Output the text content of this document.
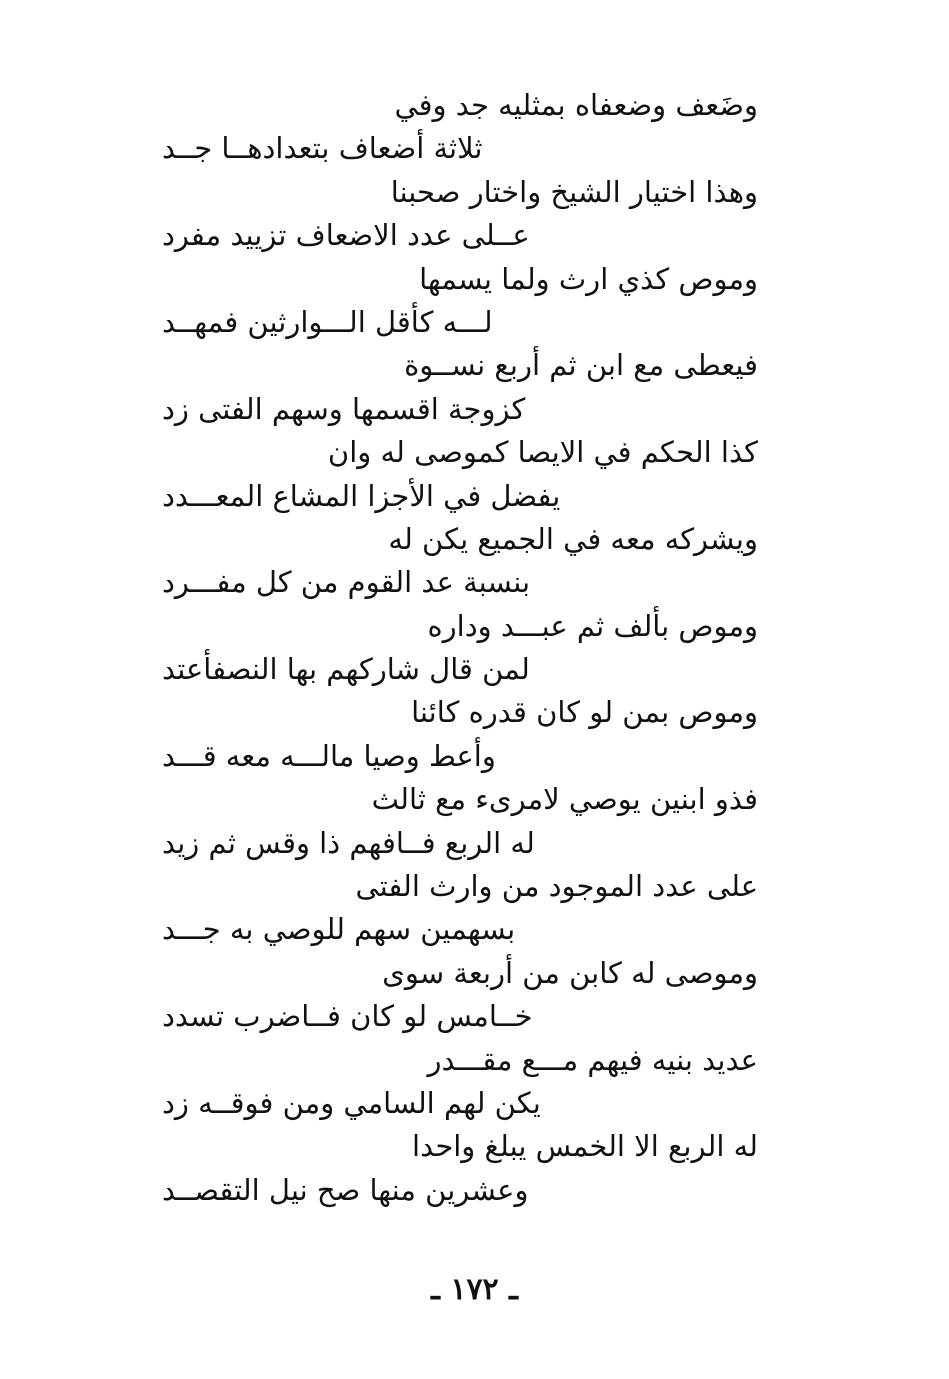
وضَعف وضعفاه بمثليه جد وفي
ثلاثة أضعاف بتعدادهــا جــد
وهذا اختيار الشيخ واختار صحبنا
عــلى عدد الاضعاف تزييد مفرد
وموص كذي ارث ولما يسمها
لـــه كأقل الـــوارثين فمهــد
فيعطى مع ابن ثم أربع نســوة
كزوجة اقسمها وسهم الفتى زد
كذا الحكم في الايصا كموصى له وان
يفضل في الأجزا المشاع المعـــدد
ويشركه معه في الجميع يكن له
بنسبة عد القوم من كل مفـــرد
وموص بألف ثم عبـــد وداره
لمن قال شاركهم بها النصفأعتد
وموص بمن لو كان قدره كائنا
وأعط وصيا مالـــه معه قـــد
فذو ابنين يوصي لامرىء مع ثالث
له الربع فــافهم ذا وقس ثم زيد
على عدد الموجود من وارث الفتى
بسهمين سهم للوصي به جـــد
وموصى له كابن من أربعة سوى
خــامس لو كان فــاضرب تسدد
عديد بنيه فيهم مـــع مقـــدر
يكن لهم السامي ومن فوقــه زد
له الربع الا الخمس يبلغ واحدا
وعشرين منها صح نيل التقصــد
ـ ١٧٢ ـ
